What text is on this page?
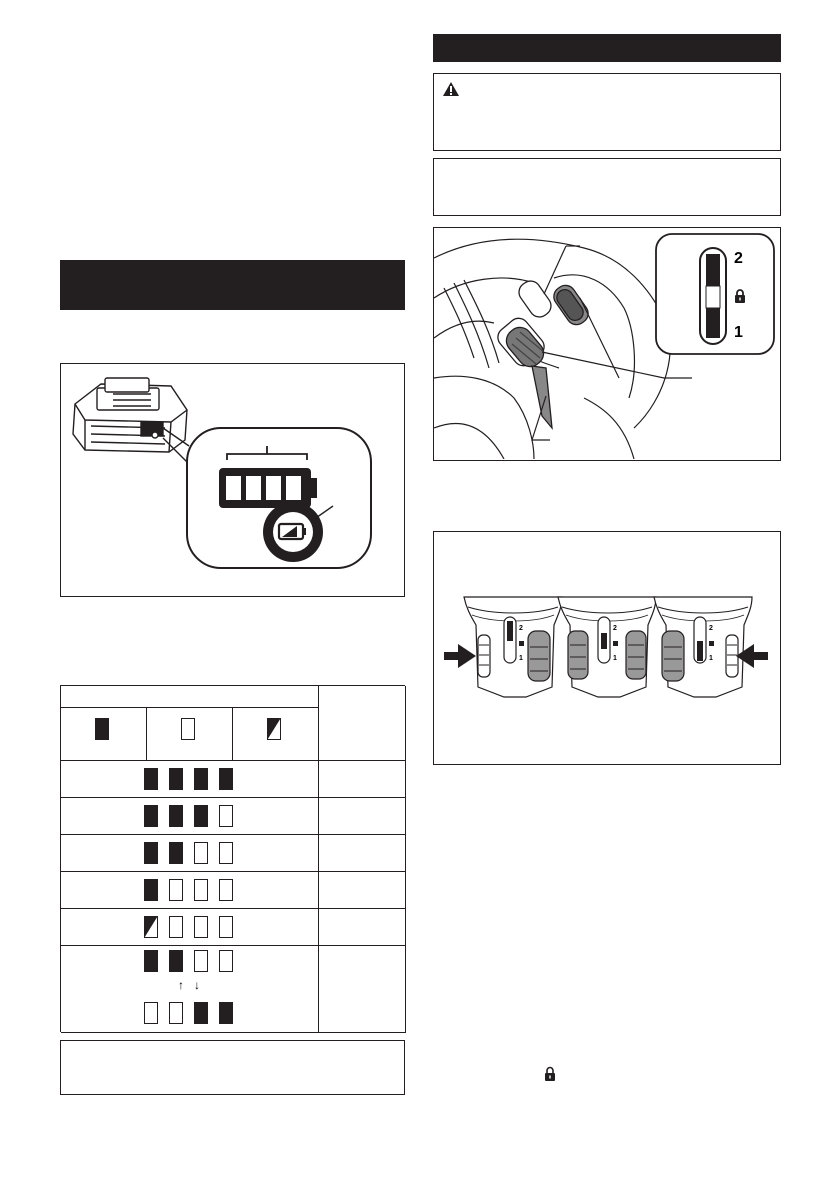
↑ ↓
2
1
2
1
